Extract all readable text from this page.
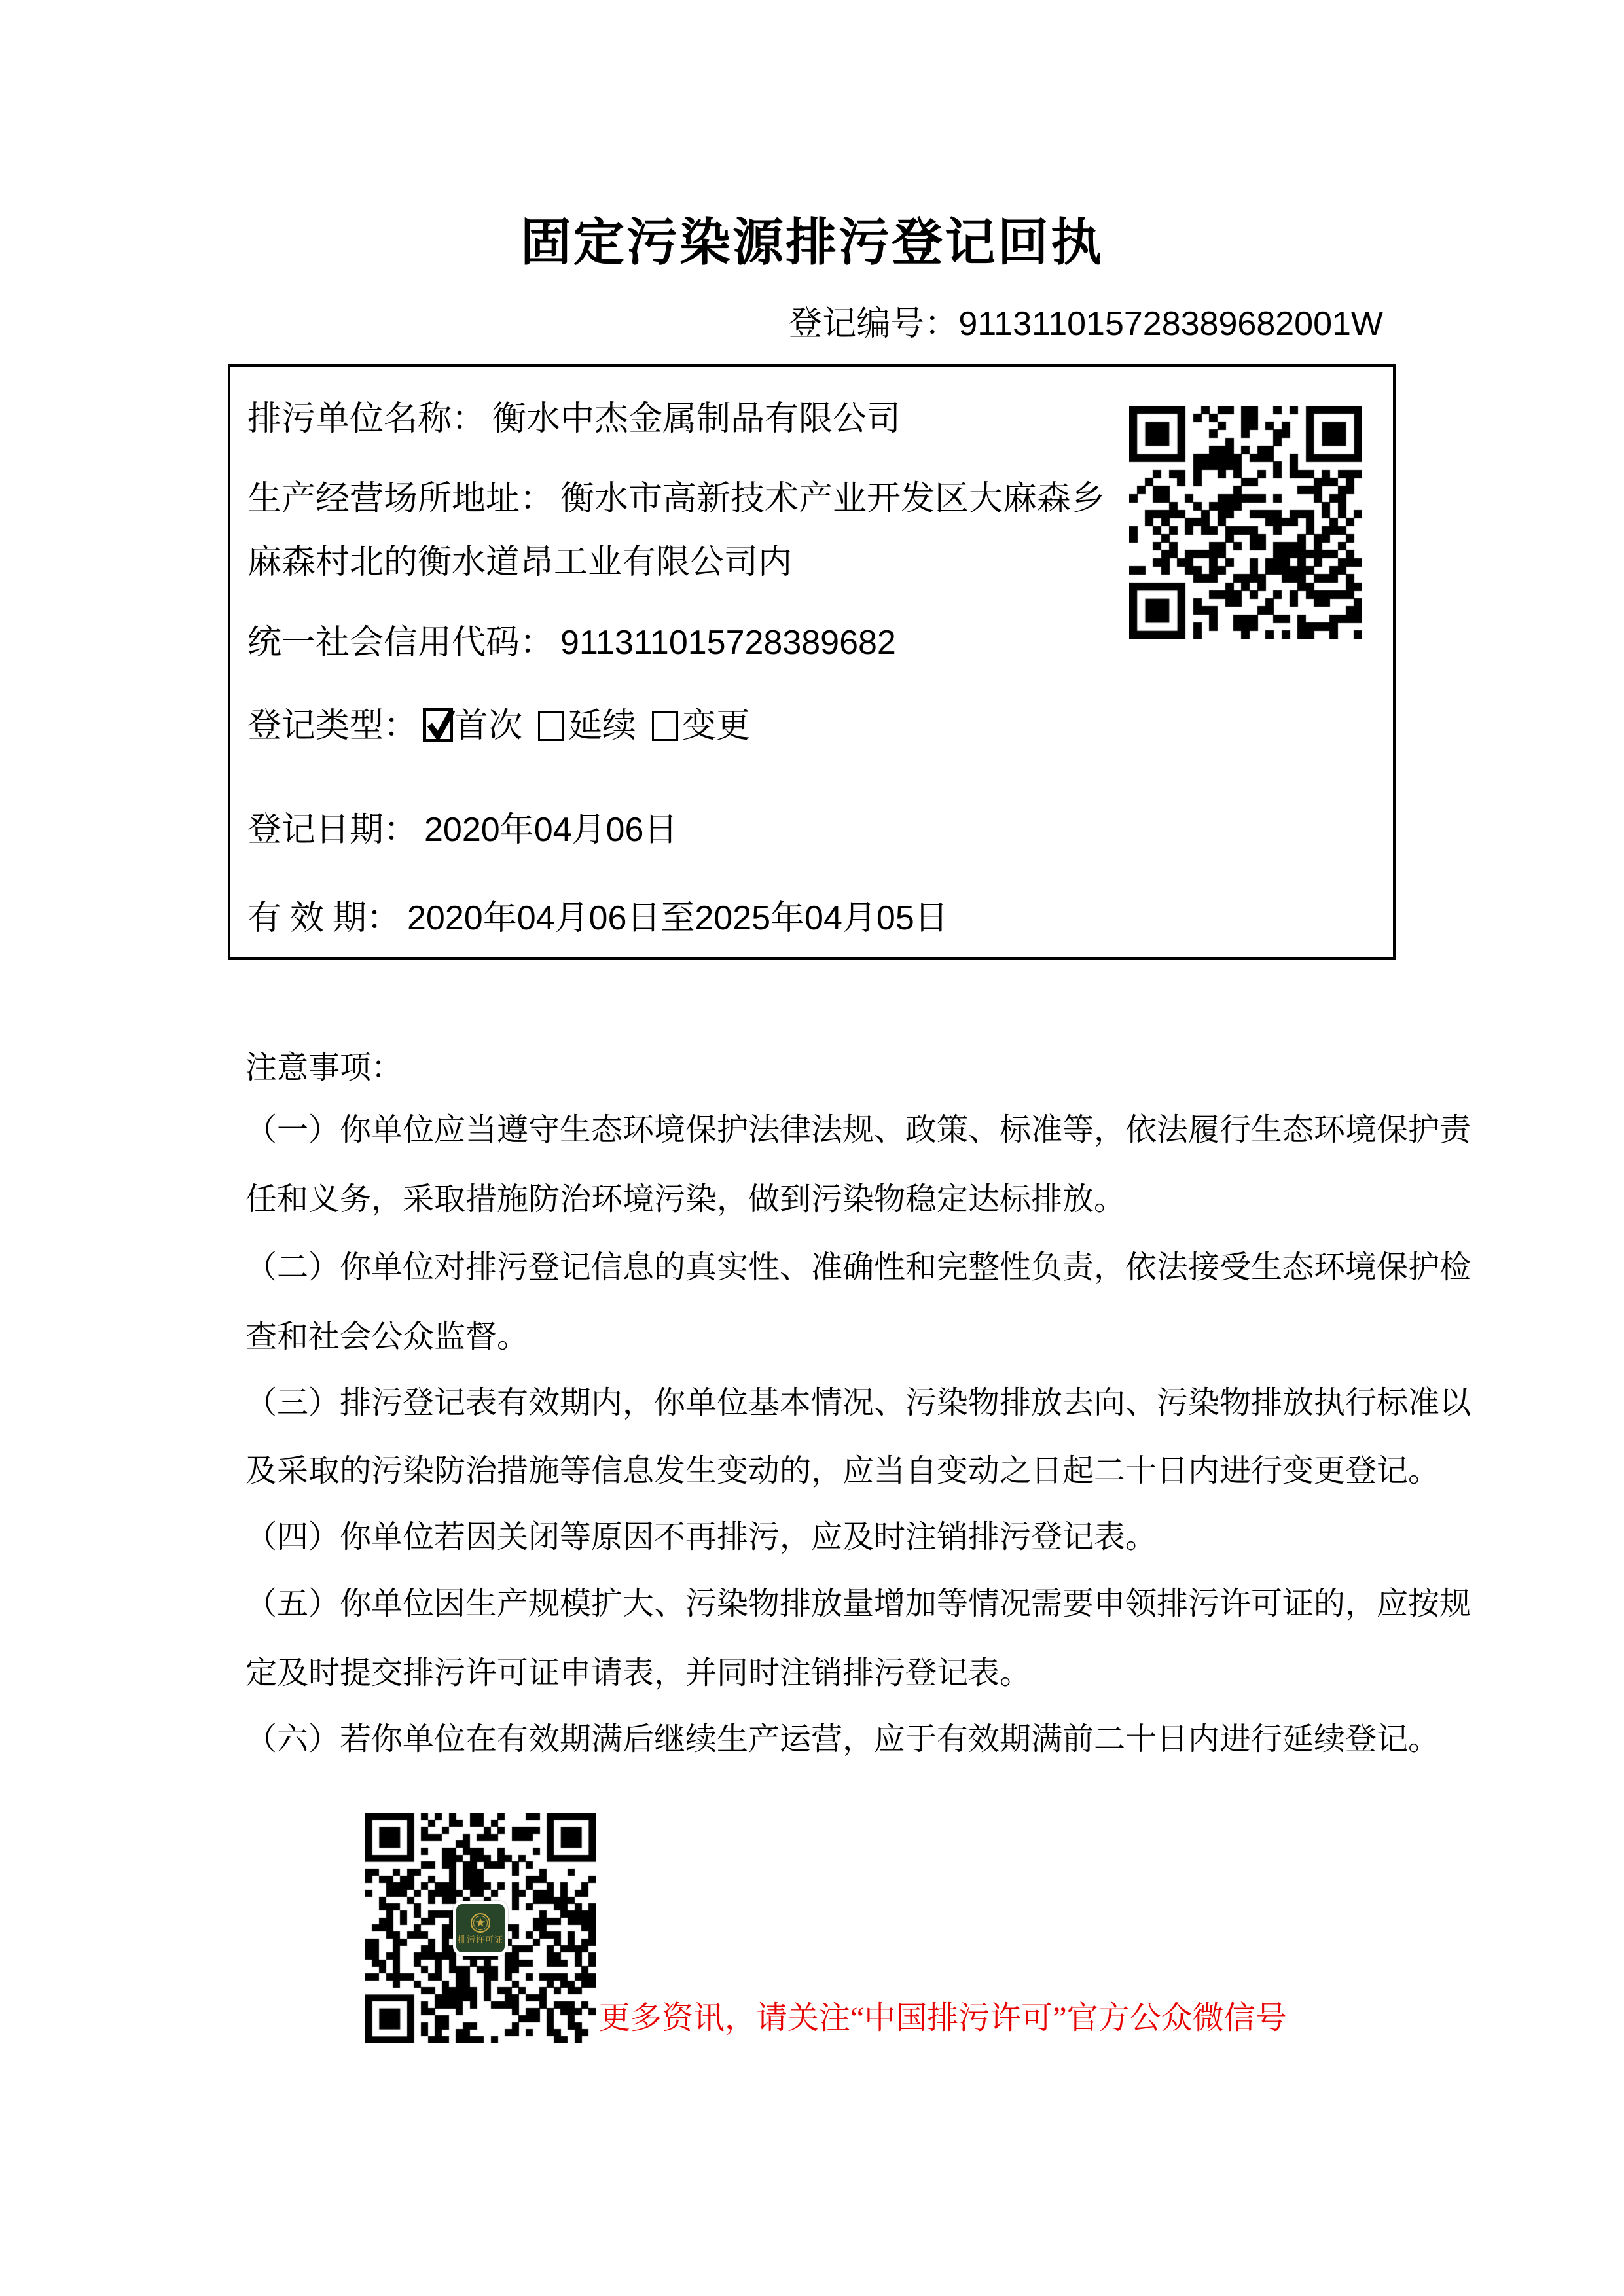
固定污染源排污登记回执
登记编号：911311015728389682001W
排污单位名称： 衡水中杰金属制品有限公司
生产经营场所地址： 衡水市高新技术产业开发区大麻森乡
麻森村北的衡水道昂工业有限公司内
统一社会信用代码： 911311015728389682
登记类型： 首次 延续 变更
登记日期： 2020年04月06日
有 效 期： 2020年04月06日至2025年04月05日
注意事项：
（一）你单位应当遵守生态环境保护法律法规、政策、标准等，依法履行生态环境保护责
任和义务，采取措施防治环境污染，做到污染物稳定达标排放。
（二）你单位对排污登记信息的真实性、准确性和完整性负责，依法接受生态环境保护检
查和社会公众监督。
（三）排污登记表有效期内，你单位基本情况、污染物排放去向、污染物排放执行标准以
及采取的污染防治措施等信息发生变动的，应当自变动之日起二十日内进行变更登记。
（四）你单位若因关闭等原因不再排污，应及时注销排污登记表。
（五）你单位因生产规模扩大、污染物排放量增加等情况需要申领排污许可证的，应按规
定及时提交排污许可证申请表，并同时注销排污登记表。
（六）若你单位在有效期满后继续生产运营，应于有效期满前二十日内进行延续登记。
排污许可证
更多资讯，请关注“中国排污许可”官方公众微信号
